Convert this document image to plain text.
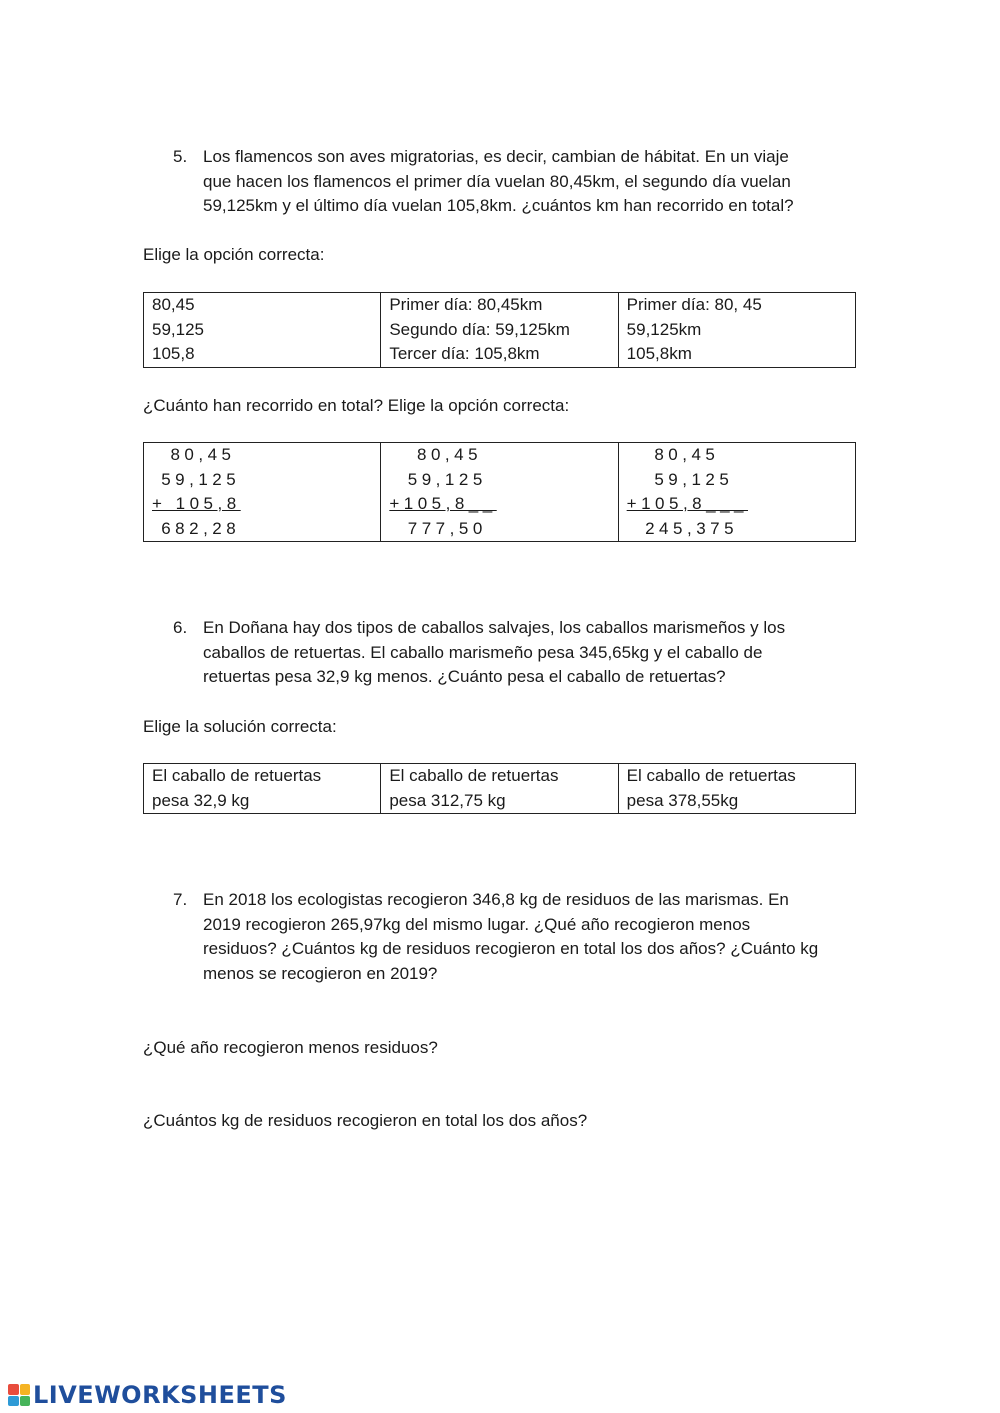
5. Los flamencos son aves migratorias, es decir, cambian de hábitat. En un viaje
que hacen los flamencos el primer día vuelan 80,45km, el segundo día vuelan
59,125km y el último día vuelan 105,8km. ¿cuántos km han recorrido en total?
Elige la opción correcta:
80,45
59,125
105,8

Primer día: 80,45km
Segundo día: 59,125km
Tercer día: 105,8km

Primer día: 80, 45
59,125km
105,8km
¿Cuánto han recorrido en total? Elige la opción correcta:
80,45
59,125
+ 105,8
682,28

80,45
59,125
+105,8__
777,50

80,45
59,125
+105,8___
245,375
6. En Doñana hay dos tipos de caballos salvajes, los caballos marismeños y los
caballos de retuertas. El caballo marismeño pesa 345,65kg y el caballo de
retuertas pesa 32,9 kg menos. ¿Cuánto pesa el caballo de retuertas?
Elige la solución correcta:
El caballo de retuertas
pesa 32,9 kg

El caballo de retuertas
pesa 312,75 kg

El caballo de retuertas
pesa 378,55kg
7. En 2018 los ecologistas recogieron 346,8 kg de residuos de las marismas. En
2019 recogieron 265,97kg del mismo lugar. ¿Qué año recogieron menos
residuos? ¿Cuántos kg de residuos recogieron en total los dos años? ¿Cuánto kg
menos se recogieron en 2019?
¿Qué año recogieron menos residuos?
¿Cuántos kg de residuos recogieron en total los dos años?
LIVEWORKSHEETS
